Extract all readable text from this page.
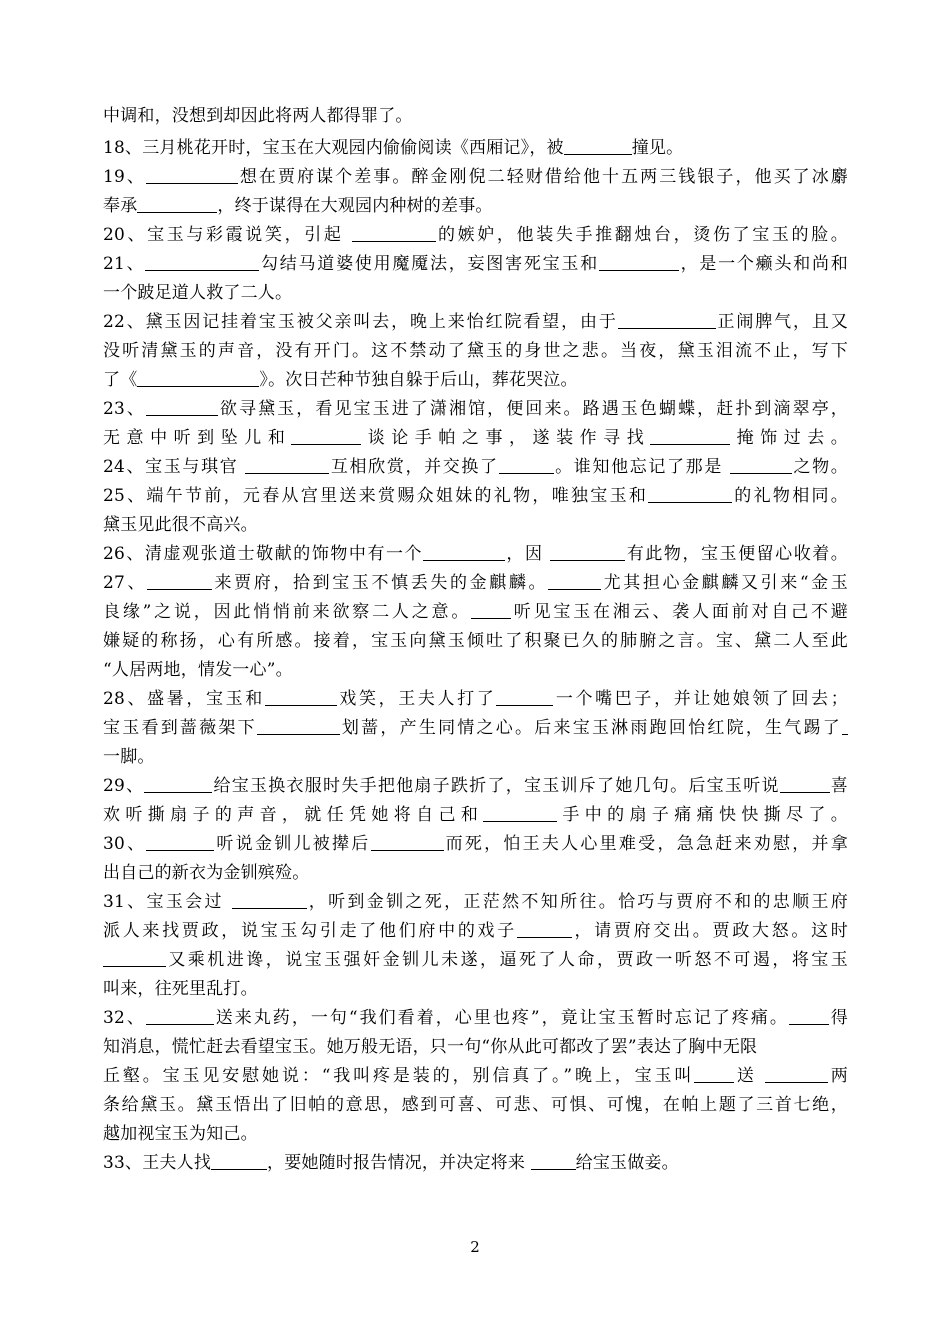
中调和，没想到却因此将两人都得罪了。
18、三月桃花开时，宝玉在大观园内偷偷阅读《西厢记》，被	撞见。
19、	想在贾府谋个差事。醉金刚倪二轻财借给他十五两三钱银子，他买了冰麝
奉承	，终于谋得在大观园内种树的差事。
20、宝玉与彩霞说笑，引起	的嫉妒，他装失手推翻烛台，烫伤了宝玉的脸。
21、	勾结马道婆使用魔魇法，妄图害死宝玉和	，是一个癞头和尚和
一个跛足道人救了二人。
22、黛玉因记挂着宝玉被父亲叫去，晚上来怡红院看望，由于	正闹脾气，且又
没听清黛玉的声音，没有开门。这不禁动了黛玉的身世之悲。当夜，黛玉泪流不止，写下
了《	》。次日芒种节独自躲于后山，葬花哭泣。
23、	欲寻黛玉，看见宝玉进了潇湘馆，便回来。路遇玉色蝴蝶，赶扑到滴翠亭，
无意中听到坠儿和	谈论手帕之事，遂装作寻找	掩饰过去。
24、宝玉与琪官	互相欣赏，并交换了	。谁知他忘记了那是	之物。
25、端午节前，元春从宫里送来赏赐众姐妹的礼物，唯独宝玉和	的礼物相同。
黛玉见此很不高兴。
26、清虚观张道士敬献的饰物中有一个	，因	有此物，宝玉便留心收着。
27、	来贾府，拾到宝玉不慎丢失的金麒麟。	尤其担心金麒麟又引来“金玉
良缘”之说，因此悄悄前来欲察二人之意。 听见宝玉在湘云、袭人面前对自己不避
嫌疑的称扬，心有所感。接着，宝玉向黛玉倾吐了积聚已久的肺腑之言。宝、黛二人至此
“人居两地，情发一心”。
28、盛暑，宝玉和	戏笑，王夫人打了	一个嘴巴子，并让她娘领了回去；
宝玉看到蔷薇架下	划蔷，产生同情之心。后来宝玉淋雨跑回怡红院，生气踢了
一脚。
29、	给宝玉换衣服时失手把他扇子跌折了，宝玉训斥了她几句。后宝玉听说	喜
欢听撕扇子的声音，就任凭她将自己和	手中的扇子痛痛快快撕尽了。
30、	听说金钏儿被撵后	而死，怕王夫人心里难受，急急赶来劝慰，并拿
出自己的新衣为金钏殡殓。
31、宝玉会过	，听到金钏之死，正茫然不知所往。恰巧与贾府不和的忠顺王府
派人来找贾政，说宝玉勾引走了他们府中的戏子	，请贾府交出。贾政大怒。这时
又乘机进谗，说宝玉强奸金钏儿未遂，逼死了人命，贾政一听怒不可遏，将宝玉
叫来，往死里乱打。
32、	送来丸药，一句“我们看着，心里也疼”，竟让宝玉暂时忘记了疼痛。 得
知消息，慌忙赶去看望宝玉。她万般无语，只一句“你从此可都改了罢”表达了胸中无限
丘壑。宝玉见安慰她说：“我叫疼是装的，别信真了。”晚上，宝玉叫 送	两
条给黛玉。黛玉悟出了旧帕的意思，感到可喜、可悲、可惧、可愧，在帕上题了三首七绝，
越加视宝玉为知己。
33、王夫人找	，要她随时报告情况，并决定将来	给宝玉做妾。
2
